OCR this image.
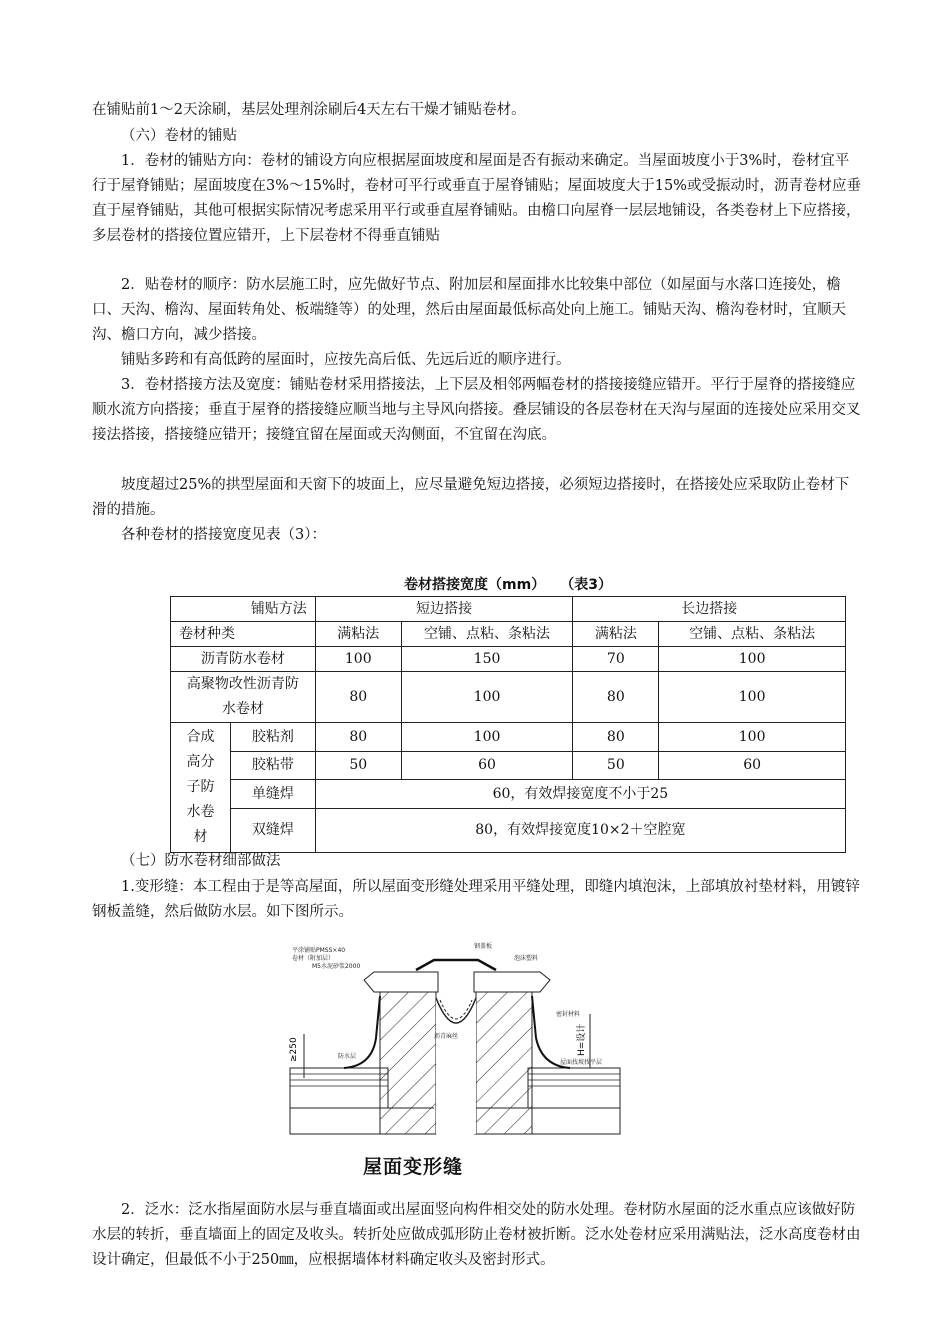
在铺贴前1～2天涂刷，基层处理剂涂刷后4天左右干燥才铺贴卷材。

（六）卷材的铺贴

1．卷材的铺贴方向：卷材的铺设方向应根据屋面坡度和屋面是否有振动来确定。当屋面坡度小于3%时，卷材宜平行于屋脊铺贴；屋面坡度在3%～15%时，卷材可平行或垂直于屋脊铺贴；屋面坡度大于15%或受振动时，沥青卷材应垂直于屋脊铺贴，其他可根据实际情况考虑采用平行或垂直屋脊铺贴。由檐口向屋脊一层层地铺设，各类卷材上下应搭接，多层卷材的搭接位置应错开，上下层卷材不得垂直铺贴

2．贴卷材的顺序：防水层施工时，应先做好节点、附加层和屋面排水比较集中部位（如屋面与水落口连接处，檐口、天沟、檐沟、屋面转角处、板端缝等）的处理，然后由屋面最低标高处向上施工。铺贴天沟、檐沟卷材时，宜顺天沟、檐口方向，减少搭接。

铺贴多跨和有高低跨的屋面时，应按先高后低、先远后近的顺序进行。

3．卷材搭接方法及宽度：铺贴卷材采用搭接法，上下层及相邻两幅卷材的搭接接缝应错开。平行于屋脊的搭接缝应顺水流方向搭接；垂直于屋脊的搭接缝应顺当地与主导风向搭接。叠层铺设的各层卷材在天沟与屋面的连接处应采用交叉接法搭接，搭接缝应错开；接缝宜留在屋面或天沟侧面，不宜留在沟底。

坡度超过25%的拱型屋面和天窗下的坡面上，应尽量避免短边搭接，必须短边搭接时，在搭接处应采取防止卷材下滑的措施。

各种卷材的搭接宽度见表（3）：

卷材搭接宽度（mm） （表3）
铺贴方法		短边搭接		长边搭接	
卷材种类		满粘法	空铺、点粘、条粘法	满粘法	空铺、点粘、条粘法
沥青防水卷材		100	150	70	100
高聚物改性沥青防水卷材		80	100	80	100
合成高分子防水卷材	胶粘剂	80	100	80	100
	胶粘带	50	60	50	60
	单缝焊	60，有效焊接宽度不小于25			
	双缝焊	80，有效焊接宽度10×2＋空腔宽			

（七）防水卷材细部做法

1.变形缝：本工程由于是等高屋面，所以屋面变形缝处理采用平缝处理，即缝内填泡沫，上部填放衬垫材料，用镀锌钢板盖缝，然后做防水层。如下图所示。

≥250	H=设计
平涂铺贴PMSS×40
卷材（附加层）
M5水泥砂浆2000
钢盖板
泡沫塑料
防水层
沥青麻丝
密封材料
屋面找坡找平层
屋面变形缝

2．泛水：泛水指屋面防水层与垂直墙面或出屋面竖向构件相交处的防水处理。卷材防水屋面的泛水重点应该做好防水层的转折，垂直墙面上的固定及收头。转折处应做成弧形防止卷材被折断。泛水处卷材应采用满贴法，泛水高度卷材由设计确定，但最低不小于250㎜，应根据墙体材料确定收头及密封形式。
